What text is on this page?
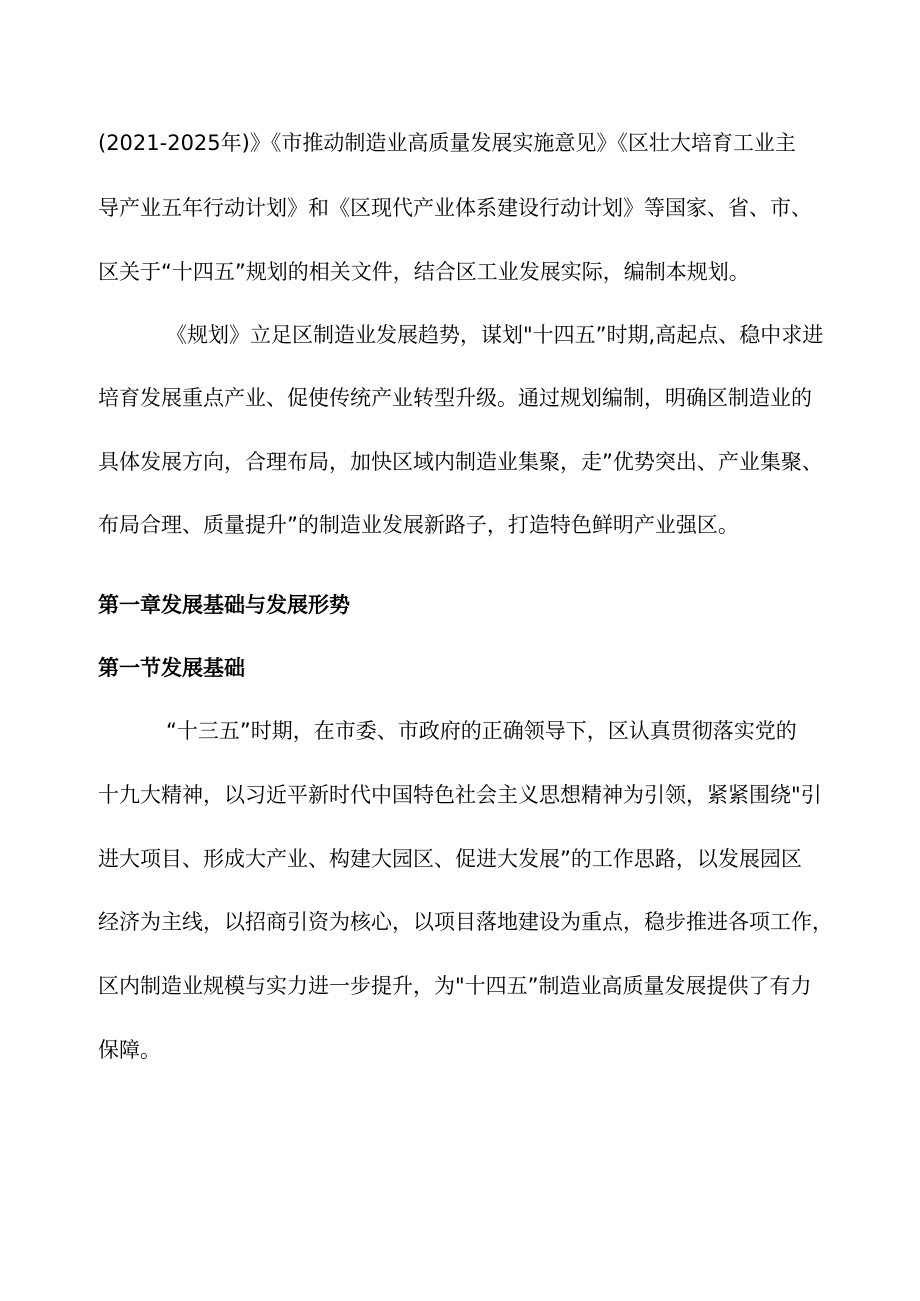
(2021-2025年)》《市推动制造业高质量发展实施意见》《区壮大培育工业主
导产业五年行动计划》和《区现代产业体系建设行动计划》等国家、省、市、
区关于“十四五”规划的相关文件，结合区工业发展实际，编制本规划。
《规划》立足区制造业发展趋势，谋划"十四五”时期,高起点、稳中求进
培育发展重点产业、促使传统产业转型升级。通过规划编制，明确区制造业的
具体发展方向，合理布局，加快区域内制造业集聚，走”优势突出、产业集聚、
布局合理、质量提升”的制造业发展新路子，打造特色鲜明产业强区。
第一章发展基础与发展形势
第一节发展基础
“十三五”时期，在市委、市政府的正确领导下，区认真贯彻落实党的
十九大精神，以习近平新时代中国特色社会主义思想精神为引领，紧紧围绕"引
进大项目、形成大产业、构建大园区、促进大发展”的工作思路，以发展园区
经济为主线，以招商引资为核心，以项目落地建设为重点，稳步推进各项工作，
区内制造业规模与实力进一步提升，为"十四五”制造业高质量发展提供了有力
保障。
